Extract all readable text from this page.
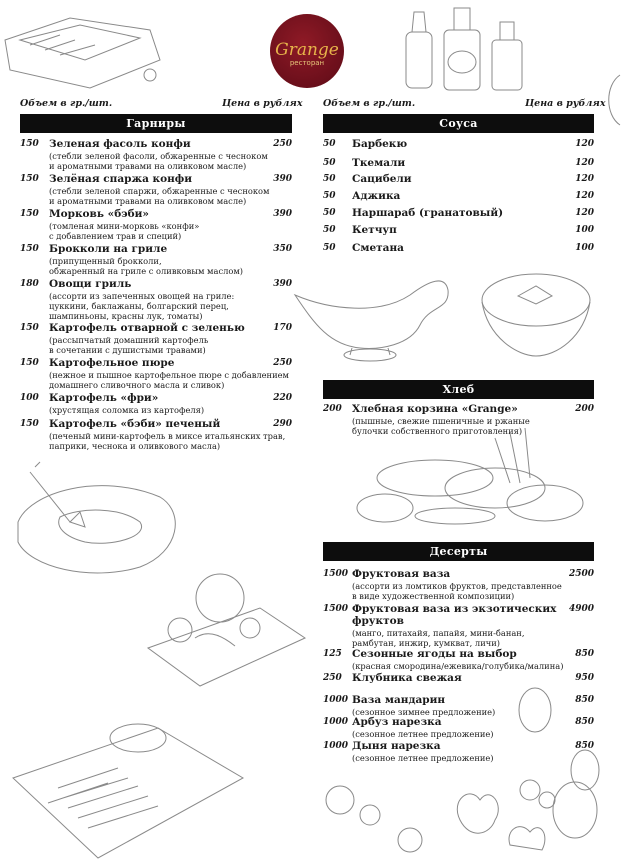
Grange
ресторан
Объем в гр./шт.	Цена в рублях
Гарниры
150 Зеленая фасоль конфи
(стебли зеленой фасоли, обжаренные с чесноком
и ароматными травами на оливковом масле)
250
150 Зелёная спаржа конфи
(стебли зеленой спаржи, обжаренные с чесноком
и ароматными травами на оливковом масле)
390
150 Морковь «бэби»
(томленая мини-морковь «конфи»
с добавлением трав и специй)
390
150 Брокколи на гриле
(припущенный брокколи,
обжаренный на гриле с оливковым маслом)
350
180 Овощи гриль
(ассорти из запеченных овощей на гриле:
цуккини, баклажаны, болгарский перец,
шампиньоны, красны лук, томаты)
390
150 Картофель отварной с зеленью
(рассыпчатый домашний картофель
в сочетании с душистыми травами)
170
150 Картофельное пюре
(нежное и пышное картофельное пюре с добавлением
домашнего сливочного масла и сливок)
250
100 Картофель «фри»
(хрустящая соломка из картофеля)
220
150 Картофель «бэби» печеный
(печеный мини-картофель в миксе итальянских трав,
паприки, чеснока и оливкового масла)
290
Объем в гр./шт.	Цена в рублях
Соуса
50 Барбекю	120
50 Ткемали	120
50 Сацибели	120
50 Аджика	120
50 Наршараб (гранатовый)	120
50 Кетчуп	100
50 Сметана	100
Хлеб
200 Хлебная корзина «Grange»
(пышные, свежие пшеничные и ржаные
булочки собственного приготовления)
200
Десерты
1500 Фруктовая ваза
(ассорти из ломтиков фруктов, представленное
в виде художественной композиции)
2500
1500 Фруктовая ваза из экзотических
фруктов
(манго, питахайя, папайя, мини-банан,
рамбутан, инжир, кумкват, личи)
4900
125 Сезонные ягоды на выбор
(красная смородина/ежевика/голубика/малина)
850
250 Клубника свежая	950
1000 Ваза мандарин
(сезонное зимнее предложение)
850
1000 Арбуз нарезка
(сезонное летнее предложение)
850
1000 Дыня нарезка
(сезонное летнее предложение)
850
